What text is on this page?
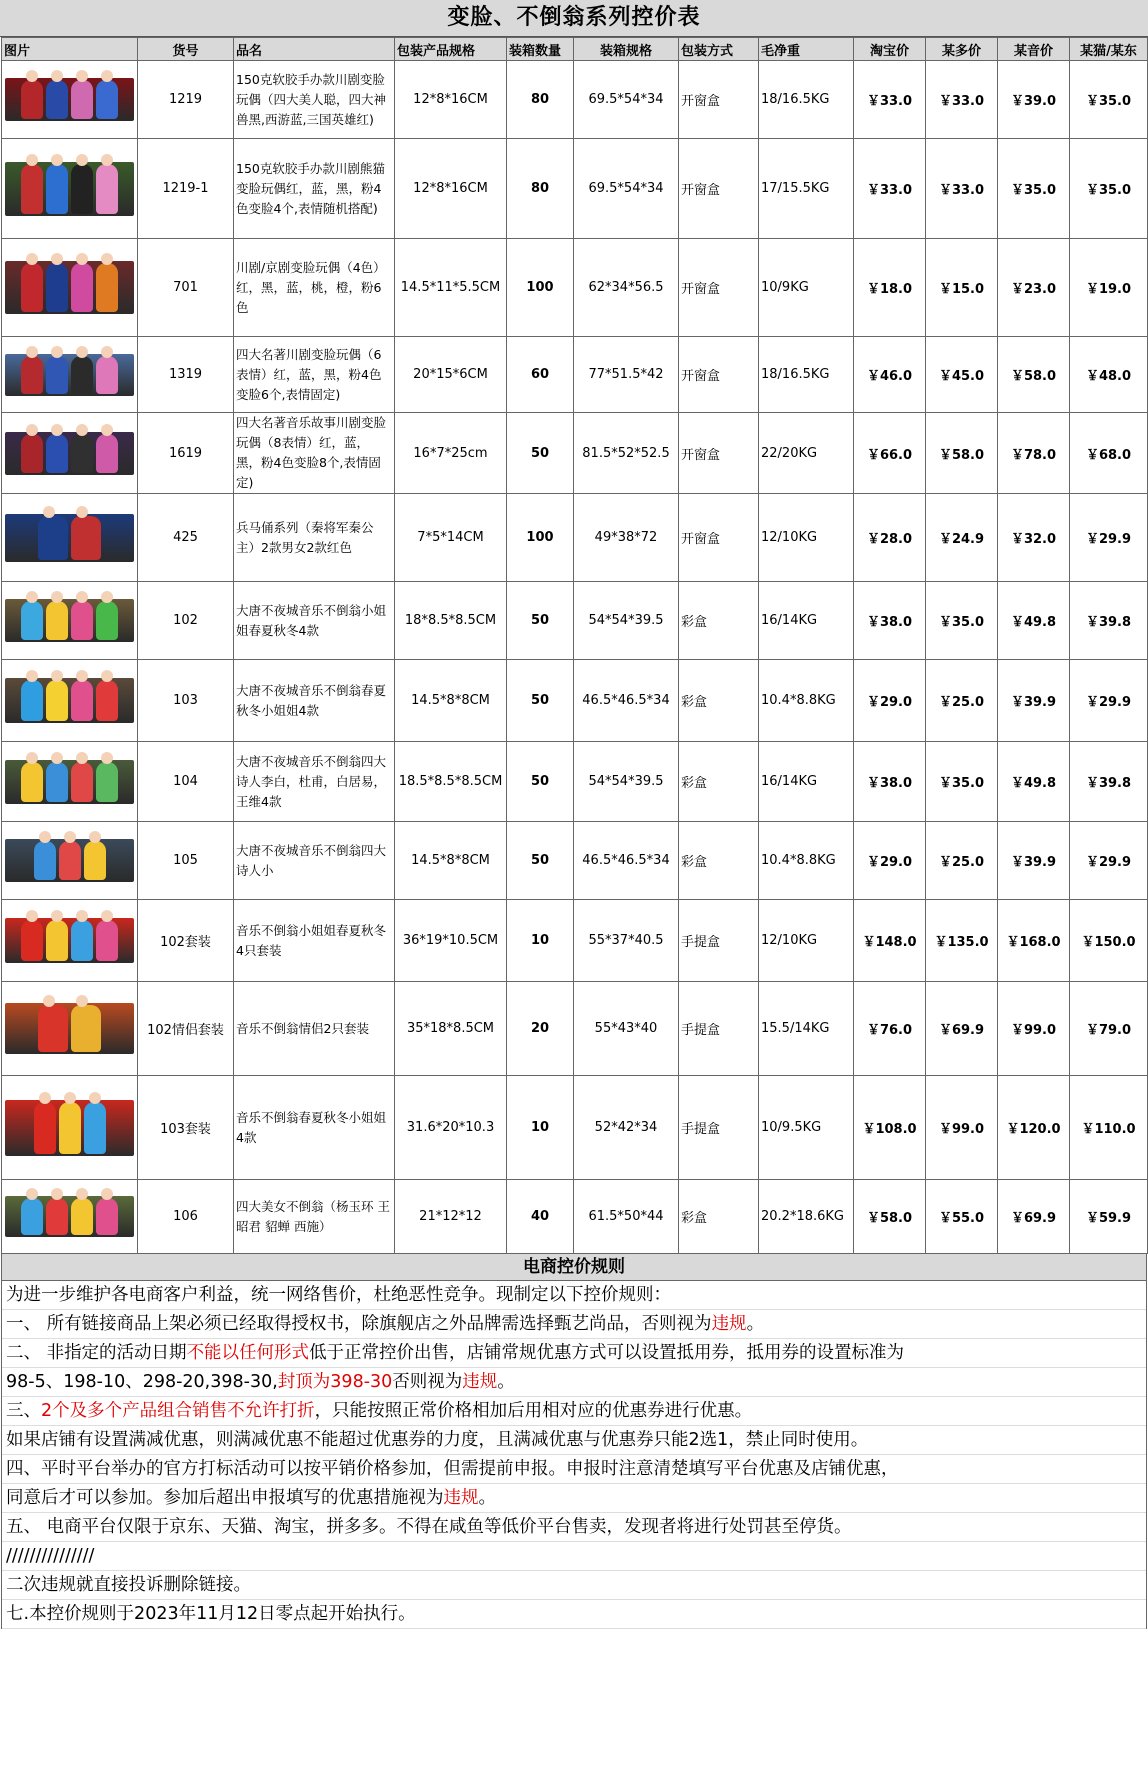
变脸、不倒翁系列控价表
图片	货号	品名	包装产品规格	装箱数量	装箱规格	包装方式	毛净重	淘宝价	某多价	某音价	某猫/某东

	1219	150克软胶手办款川剧变脸玩偶（四大美人聪，四大神兽黑,西游蓝,三国英雄红)	12*8*16CM	80	69.5*54*34	开窗盒	18/16.5KG	￥33.0	￥33.0	￥39.0	￥35.0

	1219-1	150克软胶手办款川剧熊猫变脸玩偶红，蓝，黑，粉4色变脸4个,表情随机搭配)	12*8*16CM	80	69.5*54*34	开窗盒	17/15.5KG	￥33.0	￥33.0	￥35.0	￥35.0

	701	川剧/京剧变脸玩偶（4色）红，黑，蓝，桃，橙，粉6色	14.5*11*5.5CM	100	62*34*56.5	开窗盒	10/9KG	￥18.0	￥15.0	￥23.0	￥19.0

	1319	四大名著川剧变脸玩偶（6表情）红，蓝，黑，粉4色变脸6个,表情固定)	20*15*6CM	60	77*51.5*42	开窗盒	18/16.5KG	￥46.0	￥45.0	￥58.0	￥48.0

	1619	四大名著音乐故事川剧变脸玩偶（8表情）红，蓝，黑，粉4色变脸8个,表情固定)	16*7*25cm	50	81.5*52*52.5	开窗盒	22/20KG	￥66.0	￥58.0	￥78.0	￥68.0

	425	兵马俑系列（秦将军秦公主）2款男女2款红色	7*5*14CM	100	49*38*72	开窗盒	12/10KG	￥28.0	￥24.9	￥32.0	￥29.9

	102	大唐不夜城音乐不倒翁小姐姐春夏秋冬4款	18*8.5*8.5CM	50	54*54*39.5	彩盒	16/14KG	￥38.0	￥35.0	￥49.8	￥39.8

	103	大唐不夜城音乐不倒翁春夏秋冬小姐姐4款	14.5*8*8CM	50	46.5*46.5*34	彩盒	10.4*8.8KG	￥29.0	￥25.0	￥39.9	￥29.9

	104	大唐不夜城音乐不倒翁四大诗人李白，杜甫，白居易，王维4款	18.5*8.5*8.5CM	50	54*54*39.5	彩盒	16/14KG	￥38.0	￥35.0	￥49.8	￥39.8

	105	大唐不夜城音乐不倒翁四大诗人小	14.5*8*8CM	50	46.5*46.5*34	彩盒	10.4*8.8KG	￥29.0	￥25.0	￥39.9	￥29.9

	102套装	音乐不倒翁小姐姐春夏秋冬4只套装	36*19*10.5CM	10	55*37*40.5	手提盒	12/10KG	￥148.0	￥135.0	￥168.0	￥150.0

	102情侣套装	音乐不倒翁情侣2只套装	35*18*8.5CM	20	55*43*40	手提盒	15.5/14KG	￥76.0	￥69.9	￥99.0	￥79.0

	103套装	音乐不倒翁春夏秋冬小姐姐4款	31.6*20*10.3	10	52*42*34	手提盒	10/9.5KG	￥108.0	￥99.0	￥120.0	￥110.0

	106	四大美女不倒翁（杨玉环 王昭君 貂蝉 西施）	21*12*12	40	61.5*50*44	彩盒	20.2*18.6KG	￥58.0	￥55.0	￥69.9	￥59.9
电商控价规则
为进一步维护各电商客户利益，统一网络售价，杜绝恶性竞争。现制定以下控价规则：
一、 所有链接商品上架必须已经取得授权书，除旗舰店之外品牌需选择甄艺尚品，否则视为违规。
二、 非指定的活动日期不能以任何形式低于正常控价出售，店铺常规优惠方式可以设置抵用券，抵用券的设置标准为
98-5、198-10、298-20,398-30,封顶为398-30否则视为违规。
三、2个及多个产品组合销售不允许打折，只能按照正常价格相加后用相对应的优惠券进行优惠。
如果店铺有设置满减优惠，则满减优惠不能超过优惠券的力度，且满减优惠与优惠券只能2选1，禁止同时使用。
四、平时平台举办的官方打标活动可以按平销价格参加，但需提前申报。申报时注意清楚填写平台优惠及店铺优惠，
同意后才可以参加。参加后超出申报填写的优惠措施视为违规。
五、 电商平台仅限于京东、天猫、淘宝，拼多多。不得在咸鱼等低价平台售卖，发现者将进行处罚甚至停货。
///////////////
二次违规就直接投诉删除链接。
七.本控价规则于2023年11月12日零点起开始执行。
